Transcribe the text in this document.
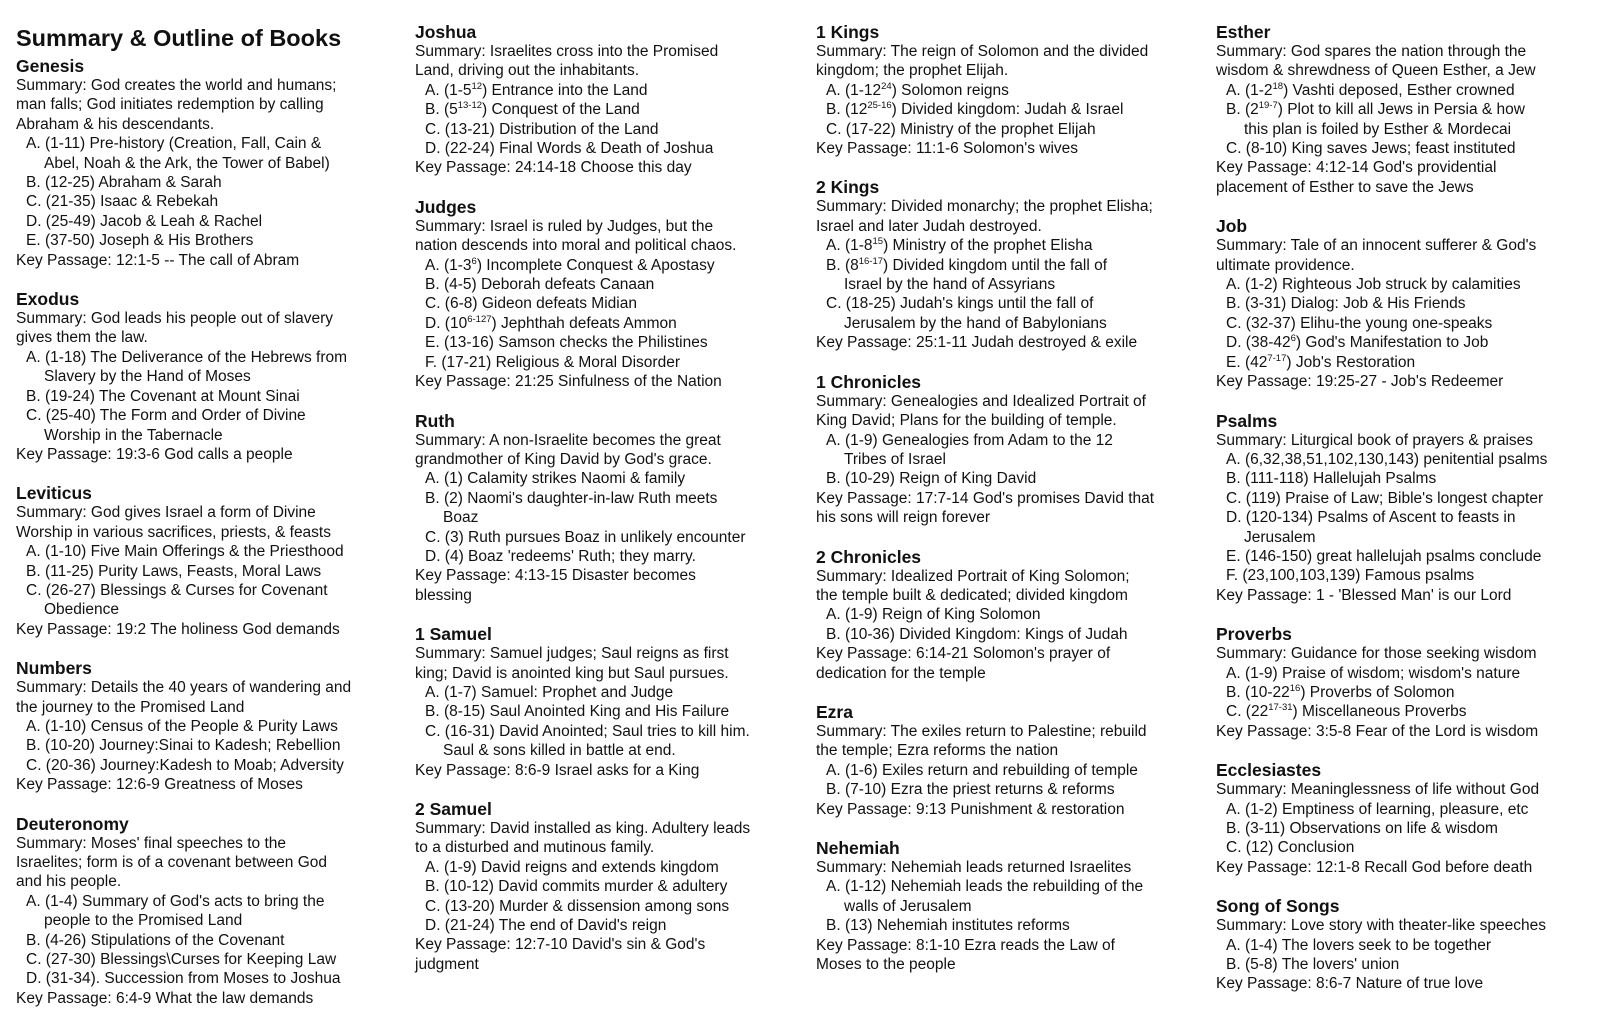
Summary & Outline of Books
Genesis
Summary: God creates the world and humans;
man falls; God initiates redemption by calling
Abraham & his descendants.
A. (1-11) Pre-history (Creation, Fall, Cain &
Abel, Noah & the Ark, the Tower of Babel)
B. (12-25) Abraham & Sarah
C. (21-35) Isaac & Rebekah
D. (25-49) Jacob & Leah & Rachel
E. (37-50) Joseph & His Brothers
Key Passage: 12:1-5 -- The call of Abram
Exodus
Summary: God leads his people out of slavery
gives them the law.
A. (1-18) The Deliverance of the Hebrews from
Slavery by the Hand of Moses
B. (19-24) The Covenant at Mount Sinai
C. (25-40) The Form and Order of Divine
Worship in the Tabernacle
Key Passage: 19:3-6 God calls a people
Leviticus
Summary: God gives Israel a form of Divine
Worship in various sacrifices, priests, & feasts
A. (1-10) Five Main Offerings & the Priesthood
B. (11-25) Purity Laws, Feasts, Moral Laws
C. (26-27) Blessings & Curses for Covenant
Obedience
Key Passage: 19:2 The holiness God demands
Numbers
Summary: Details the 40 years of wandering and
the journey to the Promised Land
A. (1-10) Census of the People & Purity Laws
B. (10-20) Journey:Sinai to Kadesh; Rebellion
C. (20-36) Journey:Kadesh to Moab; Adversity
Key Passage: 12:6-9 Greatness of Moses
Deuteronomy
Summary: Moses' final speeches to the
Israelites; form is of a covenant between God
and his people.
A. (1-4) Summary of God's acts to bring the
people to the Promised Land
B. (4-26) Stipulations of the Covenant
C. (27-30) Blessings\Curses for Keeping Law
D. (31-34). Succession from Moses to Joshua
Key Passage: 6:4-9 What the law demands
Joshua
Summary: Israelites cross into the Promised
Land, driving out the inhabitants.
A. $(1-5^{12})$ Entrance into the Land
B. (5$^{13-12}$) Conquest of the Land
C. (13-21) Distribution of the Land
D. (22-24) Final Words & Death of Joshua
Key Passage: 24:14-18 Choose this day
Judges
Summary: Israel is ruled by Judges, but the
nation descends into moral and political chaos.
A. $(1-3^6)$ Incomplete Conquest & Apostasy
B. (4-5) Deborah defeats Canaan
C. (6-8) Gideon defeats Midian
D. (10$^{6-127}$) Jephthah defeats Ammon
E. (13-16) Samson checks the Philistines
F. (17-21) Religious & Moral Disorder
Key Passage: 21:25 Sinfulness of the Nation
Ruth
Summary: A non-Israelite becomes the great
grandmother of King David by God's grace.
A. (1) Calamity strikes Naomi & family
B. (2) Naomi's daughter-in-law Ruth meets
Boaz
C. (3) Ruth pursues Boaz in unlikely encounter
D. (4) Boaz 'redeems' Ruth; they marry.
Key Passage: 4:13-15 Disaster becomes
blessing
1 Samuel
Summary: Samuel judges; Saul reigns as first
king; David is anointed king but Saul pursues.
A. (1-7) Samuel: Prophet and Judge
B. (8-15) Saul Anointed King and His Failure
C. (16-31) David Anointed; Saul tries to kill him.
Saul & sons killed in battle at end.
Key Passage: 8:6-9 Israel asks for a King
2 Samuel
Summary: David installed as king. Adultery leads
to a disturbed and mutinous family.
A. (1-9) David reigns and extends kingdom
B. (10-12) David commits murder & adultery
C. (13-20) Murder & dissension among sons
D. (21-24) The end of David's reign
Key Passage: 12:7-10 David's sin & God's
judgment
1 Kings
Summary: The reign of Solomon and the divided
kingdom; the prophet Elijah.
A. $(1-12^{24})$ Solomon reigns
B. (12$^{25-16}$) Divided kingdom: Judah & Israel
C. (17-22) Ministry of the prophet Elijah
Key Passage: 11:1-6 Solomon's wives
2 Kings
Summary: Divided monarchy; the prophet Elisha;
Israel and later Judah destroyed.
A. $(1-8^{15})$ Ministry of the prophet Elisha
B. (8$^{16-17}$) Divided kingdom until the fall of
Israel by the hand of Assyrians
C. (18-25) Judah's kings until the fall of
Jerusalem by the hand of Babylonians
Key Passage: 25:1-11 Judah destroyed & exile
1 Chronicles
Summary: Genealogies and Idealized Portrait of
King David; Plans for the building of temple.
A. (1-9) Genealogies from Adam to the 12
Tribes of Israel
B. (10-29) Reign of King David
Key Passage: 17:7-14 God's promises David that
his sons will reign forever
2 Chronicles
Summary: Idealized Portrait of King Solomon;
the temple built & dedicated; divided kingdom
A. (1-9) Reign of King Solomon
B. (10-36) Divided Kingdom: Kings of Judah
Key Passage: 6:14-21 Solomon's prayer of
dedication for the temple
Ezra
Summary: The exiles return to Palestine; rebuild
the temple; Ezra reforms the nation
A. (1-6) Exiles return and rebuilding of temple
B. (7-10) Ezra the priest returns & reforms
Key Passage: 9:13 Punishment & restoration
Nehemiah
Summary: Nehemiah leads returned Israelites
A. (1-12) Nehemiah leads the rebuilding of the
walls of Jerusalem
B. (13) Nehemiah institutes reforms
Key Passage: 8:1-10 Ezra reads the Law of
Moses to the people
Esther
Summary: God spares the nation through the
wisdom & shrewdness of Queen Esther, a Jew
A. $(1-2^{18})$ Vashti deposed, Esther crowned
B. (2$^{19-7}$) Plot to kill all Jews in Persia & how
this plan is foiled by Esther & Mordecai
C. (8-10) King saves Jews; feast instituted
Key Passage: 4:12-14 God's providential
placement of Esther to save the Jews
Job
Summary: Tale of an innocent sufferer & God's
ultimate providence.
A. (1-2) Righteous Job struck by calamities
B. (3-31) Dialog: Job & His Friends
C. (32-37) Elihu-the young one-speaks
D. $(38-42^6)$ God's Manifestation to Job
E. (42$^{7-17}$) Job's Restoration
Key Passage: 19:25-27 - Job's Redeemer
Psalms
Summary: Liturgical book of prayers & praises
A. (6,32,38,51,102,130,143) penitential psalms
B. (111-118) Hallelujah Psalms
C. (119) Praise of Law; Bible's longest chapter
D. (120-134) Psalms of Ascent to feasts in
Jerusalem
E. (146-150) great hallelujah psalms conclude
F. (23,100,103,139) Famous psalms
Key Passage: 1 - 'Blessed Man' is our Lord
Proverbs
Summary: Guidance for those seeking wisdom
A. (1-9) Praise of wisdom; wisdom's nature
B. $(10-22^{16})$ Proverbs of Solomon
C. (22$^{17-31}$) Miscellaneous Proverbs
Key Passage: 3:5-8 Fear of the Lord is wisdom
Ecclesiastes
Summary: Meaninglessness of life without God
A. (1-2) Emptiness of learning, pleasure, etc
B. (3-11) Observations on life & wisdom
C. (12) Conclusion
Key Passage: 12:1-8 Recall God before death
Song of Songs
Summary: Love story with theater-like speeches
A. (1-4) The lovers seek to be together
B. (5-8) The lovers' union
Key Passage: 8:6-7 Nature of true love
